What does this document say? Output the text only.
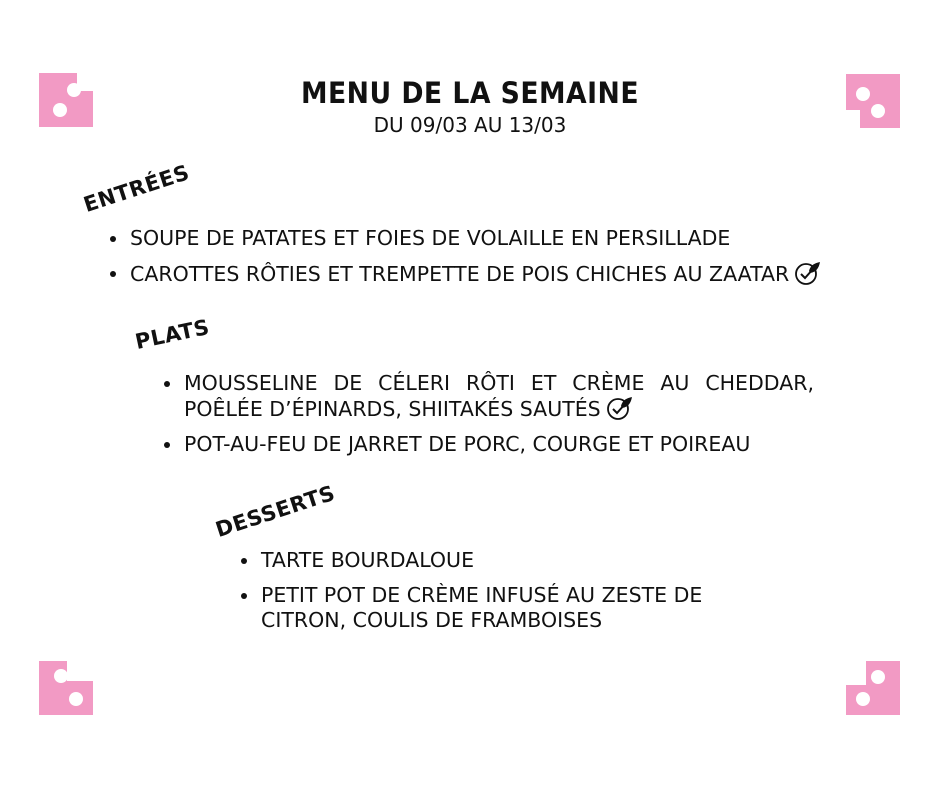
MENU DE LA SEMAINE
DU 09/03 AU 13/03
ENTRÉES
SOUPE DE PATATES ET FOIES DE VOLAILLE EN PERSILLADE
CAROTTES RÔTIES ET TREMPETTE DE POIS CHICHES AU ZAATAR
PLATS
MOUSSELINE DE CÉLERI RÔTI ET CRÈME AU CHEDDAR, POÊLÉE D’ÉPINARDS, SHIITAKÉS SAUTÉS
POT-AU-FEU DE JARRET DE PORC, COURGE ET POIREAU
DESSERTS
TARTE BOURDALOUE
PETIT POT DE CRÈME INFUSÉ AU ZESTE DE CITRON, COULIS DE FRAMBOISES
